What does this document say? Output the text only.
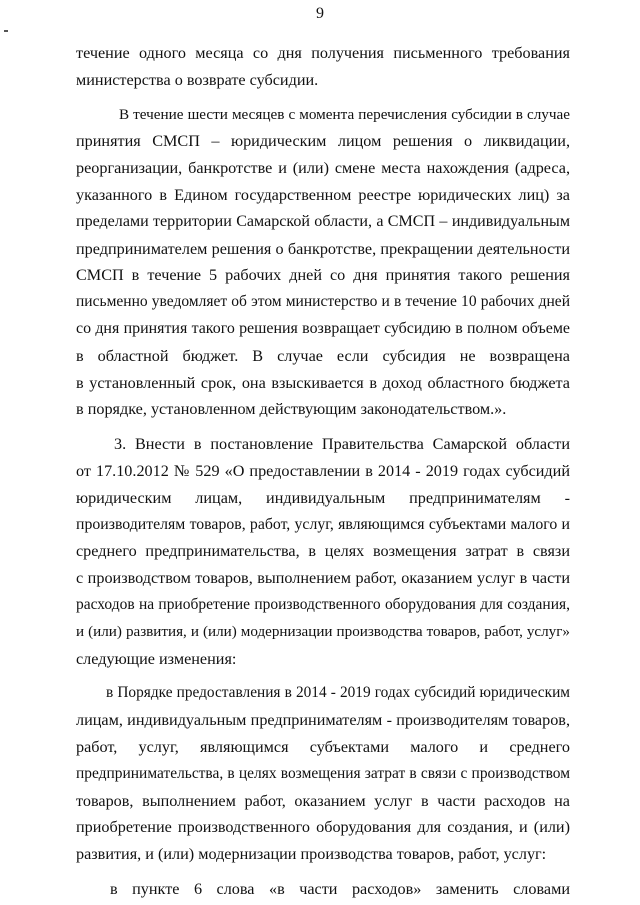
9

течение одного месяца со дня получения письменного требования
министерства о возврате субсидии.

В течение шести месяцев с момента перечисления субсидии в случае
принятия СМСП – юридическим лицом решения о ликвидации,
реорганизации, банкротстве и (или) смене места нахождения (адреса,
указанного в Едином государственном реестре юридических лиц) за
пределами территории Самарской области, а СМСП – индивидуальным
предпринимателем решения о банкротстве, прекращении деятельности
СМСП в течение 5 рабочих дней со дня принятия такого решения
письменно уведомляет об этом министерство и в течение 10 рабочих дней
со дня принятия такого решения возвращает субсидию в полном объеме
в областной бюджет. В случае если субсидия не возвращена
в установленный срок, она взыскивается в доход областного бюджета
в порядке, установленном действующим законодательством.».

3. Внести в постановление Правительства Самарской области
от 17.10.2012 № 529 «О предоставлении в 2014 - 2019 годах субсидий
юридическим лицам, индивидуальным предпринимателям -
производителям товаров, работ, услуг, являющимся субъектами малого и
среднего предпринимательства, в целях возмещения затрат в связи
с производством товаров, выполнением работ, оказанием услуг в части
расходов на приобретение производственного оборудования для создания,
и (или) развития, и (или) модернизации производства товаров, работ, услуг»
следующие изменения:

в Порядке предоставления в 2014 - 2019 годах субсидий юридическим
лицам, индивидуальным предпринимателям - производителям товаров,
работ, услуг, являющимся субъектами малого и среднего
предпринимательства, в целях возмещения затрат в связи с производством
товаров, выполнением работ, оказанием услуг в части расходов на
приобретение производственного оборудования для создания, и (или)
развития, и (или) модернизации производства товаров, работ, услуг:

в пункте 6 слова «в части расходов» заменить словами
